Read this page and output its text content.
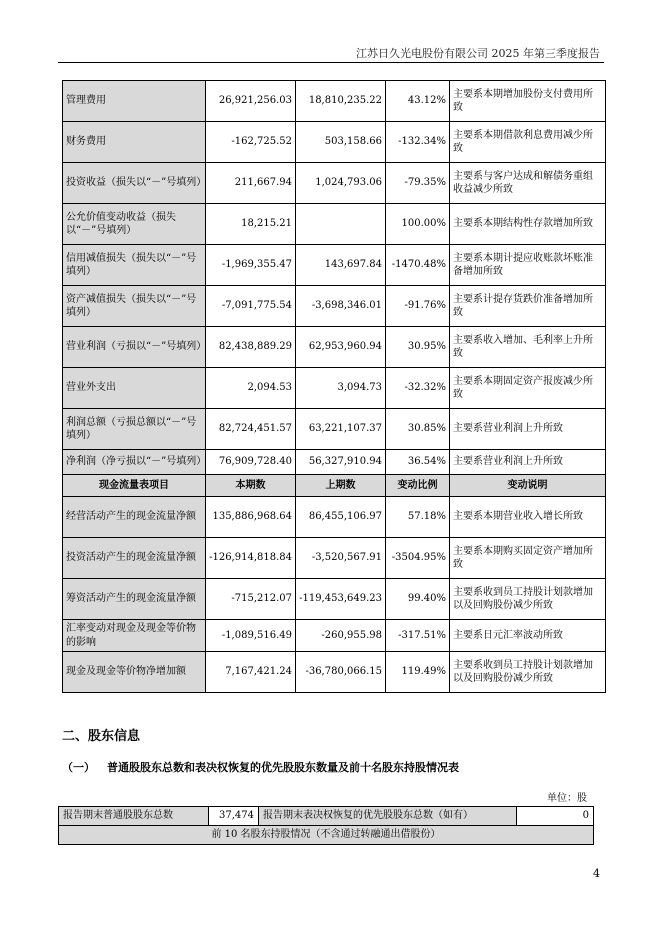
江苏日久光电股份有限公司 2025 年第三季度报告
管理费用	26,921,256.03	18,810,235.22	43.12%	主要系本期增加股份支付费用所致
财务费用	-162,725.52	503,158.66	-132.34%	主要系本期借款利息费用减少所致
投资收益（损失以“－”号填列）	211,667.94	1,024,793.06	-79.35%	主要系与客户达成和解债务重组收益减少所致
公允价值变动收益（损失以“－”号填列）	18,215.21		100.00%	主要系本期结构性存款增加所致
信用减值损失（损失以“－”号填列）	-1,969,355.47	143,697.84	-1470.48%	主要系本期计提应收账款坏账准备增加所致
资产减值损失（损失以“－”号填列）	-7,091,775.54	-3,698,346.01	-91.76%	主要系计提存货跌价准备增加所致
营业利润（亏损以“－”号填列）	82,438,889.29	62,953,960.94	30.95%	主要系收入增加、毛利率上升所致
营业外支出	2,094.53	3,094.73	-32.32%	主要系本期固定资产报废减少所致
利润总额（亏损总额以“－”号填列）	82,724,451.57	63,221,107.37	30.85%	主要系营业利润上升所致
净利润（净亏损以“－”号填列）	76,909,728.40	56,327,910.94	36.54%	主要系营业利润上升所致
现金流量表项目	本期数	上期数	变动比例	变动说明
经营活动产生的现金流量净额	135,886,968.64	86,455,106.97	57.18%	主要系本期营业收入增长所致
投资活动产生的现金流量净额	-126,914,818.84	-3,520,567.91	-3504.95%	主要系本期购买固定资产增加所致
筹资活动产生的现金流量净额	-715,212.07	-119,453,649.23	99.40%	主要系收到员工持股计划款增加以及回购股份减少所致
汇率变动对现金及现金等价物的影响	-1,089,516.49	-260,955.98	-317.51%	主要系日元汇率波动所致
现金及现金等价物净增加额	7,167,421.24	-36,780,066.15	119.49%	主要系收到员工持股计划款增加以及回购股份减少所致
二、股东信息
（一） 普通股股东总数和表决权恢复的优先股股东数量及前十名股东持股情况表
单位：股
报告期末普通股股东总数	37,474	报告期末表决权恢复的优先股股东总数（如有）	0
前 10 名股东持股情况（不含通过转融通出借股份）
4
